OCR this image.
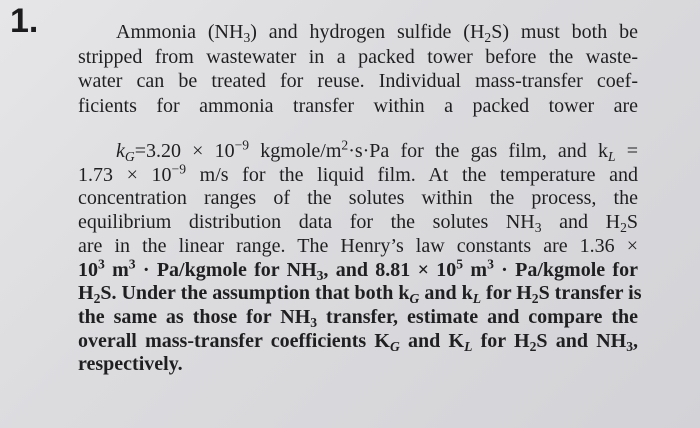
1.	Ammonia $(NH_3)$ and hydrogen sulfide $(H_2S)$ must both be
stripped from wastewater in a packed tower before the waste-
water can be treated for reuse. Individual mass-transfer coef-
ficients for ammonia transfer within a packed tower are
$k_G=3.20 \times 10^{-9}$ kgmole/$m^2\cdot s\cdot Pa$ for the gas film, and $k_L$ =
$1.73 \times 10^{-9}$ m/s for the liquid film. At the temperature and
concentration ranges of the solutes within the process, the
equilibrium distribution data for the solutes $NH_3$ and $H_2S$
are in the linear range. The Henry’s law constants are 1.36 ×
$10^3$ $m^3$ · Pa/kgmole for $NH_3$, and $8.81 \times 10^5$ $m^3$ · Pa/kgmole for
$H_2S$. Under the assumption that both $k_G$ and $k_L$ for $H_2S$ transfer is
the same as those for $NH_3$ transfer, estimate and compare the
overall mass-transfer coefficients $K_G$ and $K_L$ for $H_2S$ and $NH_3$,
respectively.
